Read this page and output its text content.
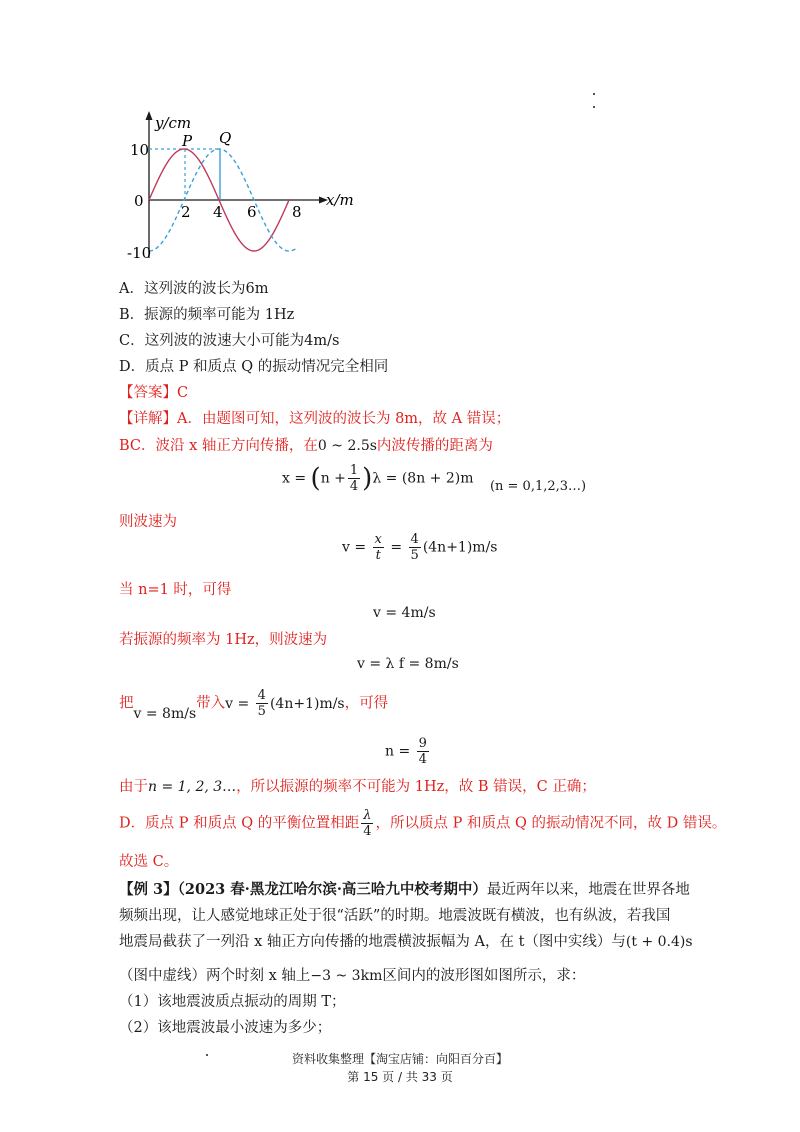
y/cm
P Q
10
0
-10
2 4 6 8
x/m
A．这列波的波长为6m
B．振源的频率可能为 1Hz
C．这列波的波速大小可能为4m/s
D．质点 P 和质点 Q 的振动情况完全相同
【答案】C
【详解】A．由题图可知，这列波的波长为 8m，故 A 错误；
BC．波沿 x 轴正方向传播，在0 ~ 2.5s内波传播的距离为
$x = (n + \frac{1}{4} )\lambda = (8n + 2)m$ (n = 0,1,2,3…)
则波速为
$v = \frac{x}{t} = \frac{4}{5} (4n+1)m/s$
当 n=1 时，可得
v = 4m/s
若振源的频率为 1Hz，则波速为
v = λ f = 8m/s
把v = 8m/s带入$v = \frac{4}{5} (4n+1)m/s$，可得
$n = \frac{9}{4}$
由于n = 1, 2, 3…，所以振源的频率不可能为 1Hz，故 B 错误，C 正确；
D．质点 P 和质点 Q 的平衡位置相距 $\frac{\lambda}{4}$ ，所以质点 P 和质点 Q 的振动情况不同，故 D 错误。
故选 C。
【例 3】（2023 春·黑龙江哈尔滨·高三哈九中校考期中）最近两年以来，地震在世界各地
频频出现，让人感觉地球正处于很“活跃”的时期。地震波既有横波，也有纵波，若我国
地震局截获了一列沿 x 轴正方向传播的地震横波振幅为 A，在 t（图中实线）与(t + 0.4)s
（图中虚线）两个时刻 x 轴上−3 ~ 3km区间内的波形图如图所示，求：
（1）该地震波质点振动的周期 T；
（2）该地震波最小波速为多少；
资料收集整理【淘宝店铺：向阳百分百】
第 15 页 / 共 33 页
